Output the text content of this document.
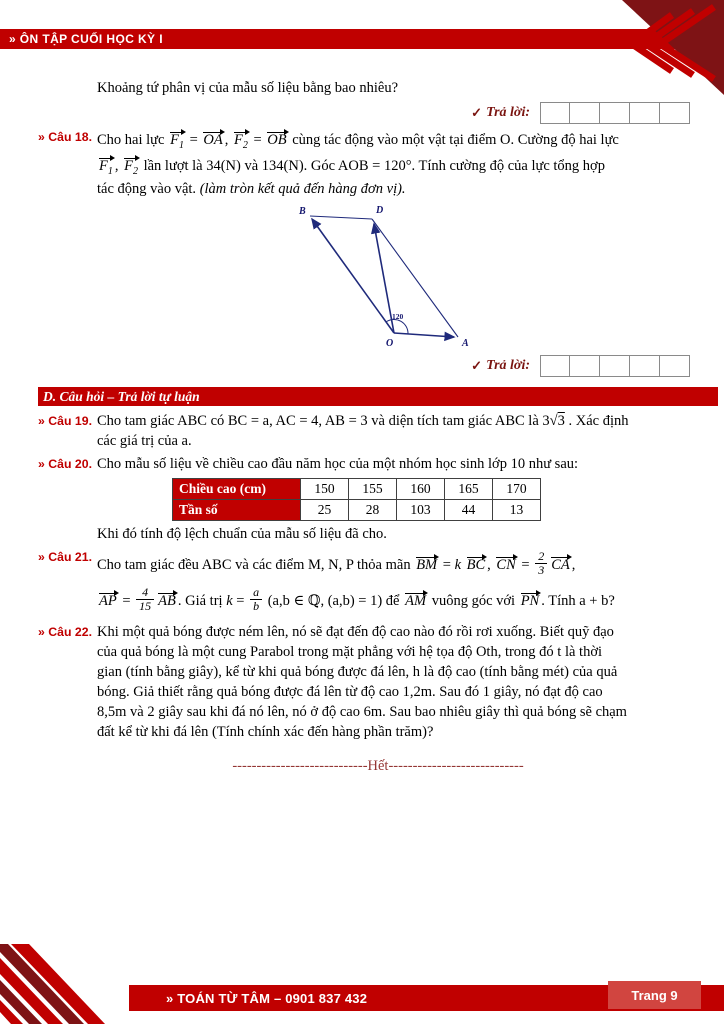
» ÔN TẬP CUỐI HỌC KỲ I
Khoảng tứ phân vị của mẫu số liệu bằng bao nhiêu?
✓ Trả lời:
» Câu 18. Cho hai lực $F_1$ = OA , $F_2$ = OB cùng tác động vào một vật tại điểm O. Cường độ hai lực
$F_1$ , $F_2$ lần lượt là 34(N) và 134(N). Góc AOB = 120°. Tính cường độ của lực tổng hợp
tác động vào vật. (làm tròn kết quả đến hàng đơn vị).
B	D
O	A
120
✓ Trả lời:
D. Câu hỏi – Trả lời tự luận
» Câu 19. Cho tam giác ABC có BC = a, AC = 4, AB = 3 và diện tích tam giác ABC là 3√3 . Xác định
các giá trị của a.
» Câu 20. Cho mẫu số liệu về chiều cao đầu năm học của một nhóm học sinh lớp 10 như sau:
Chiều cao (cm)	150	155	160	165	170
Tần số	25	28	103	44	13
Khi đó tính độ lệch chuẩn của mẫu số liệu đã cho.
» Câu 21. Cho tam giác đều ABC và các điểm M, N, P thỏa mãn BM = k BC , CN = $\frac{2}{3}$ CA ,
AP = $\frac{4}{15}$ AB . Giá trị $k = \frac{a}{b} (a,b$ ∈ ℚ, (a,b) = 1) để AM vuông góc với PN . Tính a + b?
» Câu 22. Khi một quả bóng được ném lên, nó sẽ đạt đến độ cao nào đó rồi rơi xuống. Biết quỹ đạo
của quả bóng là một cung Parabol trong mặt phẳng với hệ tọa độ Oth, trong đó t là thời
gian (tính bằng giây), kể từ khi quả bóng được đá lên, h là độ cao (tính bằng mét) của quả
bóng. Giả thiết rằng quả bóng được đá lên từ độ cao 1,2m. Sau đó 1 giây, nó đạt độ cao
8,5m và 2 giây sau khi đá nó lên, nó ở độ cao 6m. Sau bao nhiêu giây thì quả bóng sẽ chạm
đất kể từ khi đá lên (Tính chính xác đến hàng phần trăm)?
----------------------------Hết----------------------------
» TOÁN TỪ TÂM – 0901 837 432	Trang 9
